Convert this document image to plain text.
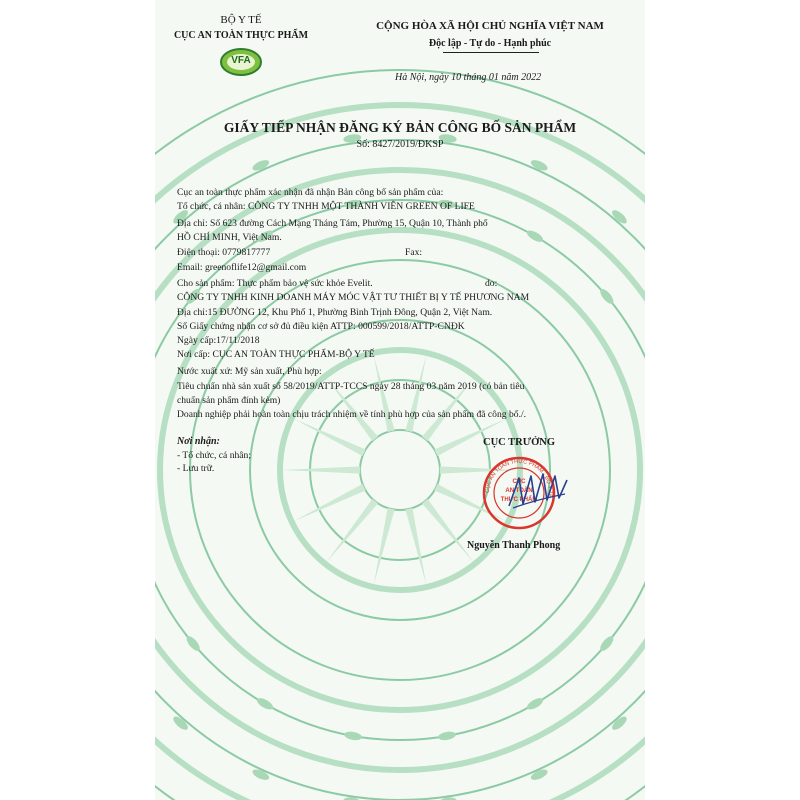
BỘ Y TẾ
CỤC AN TOÀN THỰC PHẨM
VFA
CỘNG HÒA XÃ HỘI CHỦ NGHĨA VIỆT NAM
Độc lập - Tự do - Hạnh phúc
Hà Nội, ngày 10 tháng 01 năm 2022
GIẤY TIẾP NHẬN ĐĂNG KÝ BẢN CÔNG BỐ SẢN PHẨM
Số: 8427/2019/ĐKSP
Cục an toàn thực phẩm xác nhận đã nhận Bản công bố sản phẩm của:
Tổ chức, cá nhân: CÔNG TY TNHH MỘT THÀNH VIÊN GREEN OF LIFE
Địa chỉ: Số 623 đường Cách Mạng Tháng Tám, Phường 15, Quận 10, Thành phố
HỒ CHÍ MINH, Việt Nam.
Điện thoại: 0779817777	Fax:
Email: greenoflife12@gmail.com
Cho sản phẩm: Thực phẩm bảo vệ sức khỏe Evelit.	do:
CÔNG TY TNHH KINH DOANH MÁY MÓC VẬT TƯ THIẾT BỊ Y TẾ PHƯƠNG NAM
Địa chỉ:15 ĐƯỜNG 12, Khu Phố 1, Phường Bình Trịnh Đông, Quận 2, Việt Nam.
Số Giấy chứng nhận cơ sở đủ điều kiện ATTP: 000599/2018/ATTP-CNĐK
Ngày cấp:17/11/2018
Nơi cấp: CỤC AN TOÀN THỰC PHẨM-BỘ Y TẾ
Nước xuất xứ: Mỹ sản xuất, Phù hợp:
Tiêu chuẩn nhà sản xuất số 58/2019/ATTP-TCCS ngày 28 tháng 03 năm 2019 (có bản tiêu
chuẩn sản phẩm đính kèm)
Doanh nghiệp phải hoàn toàn chịu trách nhiệm về tính phù hợp của sản phẩm đã công bố./.
Nơi nhận:
- Tổ chức, cá nhân;
- Lưu trữ.
CỤC TRƯỞNG
CỤC AN TOÀN THỰC PHẨM · BỘ Y TẾ
CỤC
AN TOÀN
THỰC PHẨM
Nguyễn Thanh Phong
